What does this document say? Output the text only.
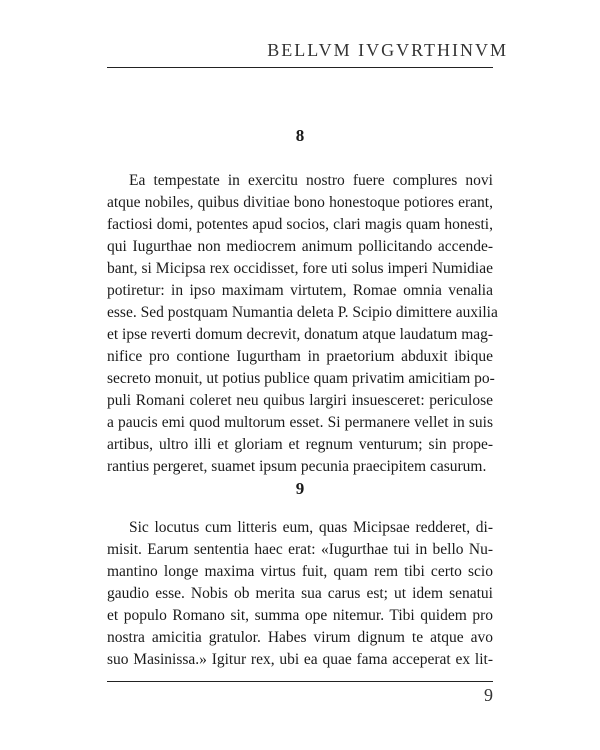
BELLVM IVGVRTHINVM
8
Ea tempestate in exercitu nostro fuere complures novi
atque nobiles, quibus divitiae bono honestoque potiores erant,
factiosi domi, potentes apud socios, clari magis quam honesti,
qui Iugurthae non mediocrem animum pollicitando accende-
bant, si Micipsa rex occidisset, fore uti solus imperi Numidiae
potiretur: in ipso maximam virtutem, Romae omnia venalia
esse. Sed postquam Numantia deleta P. Scipio dimittere auxilia
et ipse reverti domum decrevit, donatum atque laudatum mag-
nifice pro contione Iugurtham in praetorium abduxit ibique
secreto monuit, ut potius publice quam privatim amicitiam po-
puli Romani coleret neu quibus largiri insuesceret: periculose
a paucis emi quod multorum esset. Si permanere vellet in suis
artibus, ultro illi et gloriam et regnum venturum; sin prope-
rantius pergeret, suamet ipsum pecunia praecipitem casurum.
9
Sic locutus cum litteris eum, quas Micipsae redderet, di-
misit. Earum sententia haec erat: «Iugurthae tui in bello Nu-
mantino longe maxima virtus fuit, quam rem tibi certo scio
gaudio esse. Nobis ob merita sua carus est; ut idem senatui
et populo Romano sit, summa ope nitemur. Tibi quidem pro
nostra amicitia gratulor. Habes virum dignum te atque avo
suo Masinissa.» Igitur rex, ubi ea quae fama acceperat ex lit-
9
